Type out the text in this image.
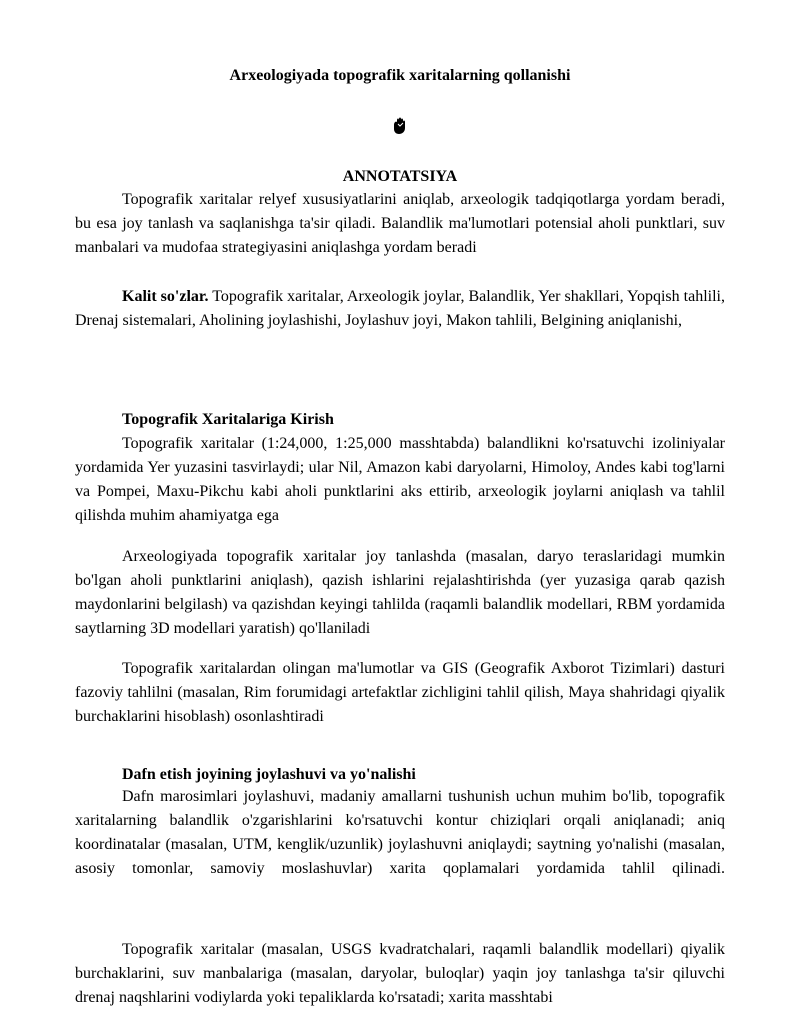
Arxeologiyada topografik xaritalarning qollanishi
ANNOTATSIYA

Topografik xaritalar relyef xususiyatlarini aniqlab, arxeologik tadqiqotlarga yordam beradi, bu esa joy tanlash va saqlanishga ta'sir qiladi. Balandlik ma'lumotlari potensial aholi punktlari, suv manbalari va mudofaa strategiyasini aniqlashga yordam beradi

Kalit so'zlar. Topografik xaritalar, Arxeologik joylar, Balandlik, Yer shakllari, Yopqish tahlili, Drenaj sistemalari, Aholining joylashishi, Joylashuv joyi, Makon tahlili, Belgining aniqlanishi,

Topografik Xaritalariga Kirish

Topografik xaritalar (1:24,000, 1:25,000 masshtabda) balandlikni ko'rsatuvchi izoliniyalar yordamida Yer yuzasini tasvirlaydi; ular Nil, Amazon kabi daryolarni, Himoloy, Andes kabi tog'larni va Pompei, Maxu-Pikchu kabi aholi punktlarini aks ettirib, arxeologik joylarni aniqlash va tahlil qilishda muhim ahamiyatga ega

Arxeologiyada topografik xaritalar joy tanlashda (masalan, daryo teraslaridagi mumkin bo'lgan aholi punktlarini aniqlash), qazish ishlarini rejalashtirishda (yer yuzasiga qarab qazish maydonlarini belgilash) va qazishdan keyingi tahlilda (raqamli balandlik modellari, RBM yordamida saytlarning 3D modellari yaratish) qo'llaniladi

Topografik xaritalardan olingan ma'lumotlar va GIS (Geografik Axborot Tizimlari) dasturi fazoviy tahlilni (masalan, Rim forumidagi artefaktlar zichligini tahlil qilish, Maya shahridagi qiyalik burchaklarini hisoblash) osonlashtiradi

Dafn etish joyining joylashuvi va yo'nalishi

Dafn marosimlari joylashuvi, madaniy amallarni tushunish uchun muhim bo'lib, topografik xaritalarning balandlik o'zgarishlarini ko'rsatuvchi kontur chiziqlari orqali aniqlanadi; aniq koordinatalar (masalan, UTM, kenglik/uzunlik) joylashuvni aniqlaydi; saytning yo'nalishi (masalan, asosiy tomonlar, samoviy moslashuvlar) xarita qoplamalari yordamida tahlil qilinadi.

Topografik xaritalar (masalan, USGS kvadratchalari, raqamli balandlik modellari) qiyalik burchaklarini, suv manbalariga (masalan, daryolar, buloqlar) yaqin joy tanlashga ta'sir qiluvchi drenaj naqshlarini vodiylarda yoki tepaliklarda ko'rsatadi; xarita masshtabi
